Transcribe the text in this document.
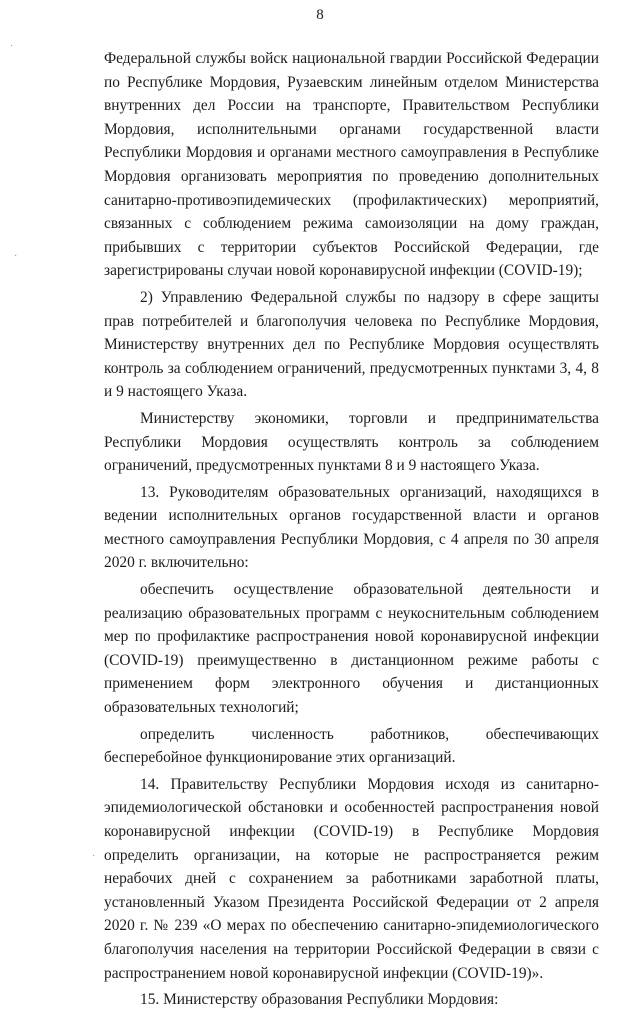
8
·
·
·

Федеральной службы войск национальной гвардии Российской Федерации по Республике Мордовия, Рузаевским линейным отделом Министерства внутренних дел России на транспорте, Правительством Республики Мордовия, исполнительными органами государственной власти Республики Мордовия и органами местного самоуправления в Республике Мордовия организовать мероприятия по проведению дополнительных санитарно-противоэпидемических (профилактических) мероприятий, связанных с соблюдением режима самоизоляции на дому граждан, прибывших с территории субъектов Российской Федерации, где зарегистрированы случаи новой коронавирусной инфекции (COVID-19);

2) Управлению Федеральной службы по надзору в сфере защиты прав потребителей и благополучия человека по Республике Мордовия, Министерству внутренних дел по Республике Мордовия осуществлять контроль за соблюдением ограничений, предусмотренных пунктами 3, 4, 8 и 9 настоящего Указа.

Министерству экономики, торговли и предпринимательства Республики Мордовия осуществлять контроль за соблюдением ограничений, предусмотренных пунктами 8 и 9 настоящего Указа.

13. Руководителям образовательных организаций, находящихся в ведении исполнительных органов государственной власти и органов местного самоуправления Республики Мордовия, с 4 апреля по 30 апреля 2020 г. включительно:

обеспечить осуществление образовательной деятельности и реализацию образовательных программ с неукоснительным соблюдением мер по профилактике распространения новой коронавирусной инфекции (COVID-19) преимущественно в дистанционном режиме работы с применением форм электронного обучения и дистанционных образовательных технологий;

определить численность работников, обеспечивающих бесперебойное функционирование этих организаций.

14. Правительству Республики Мордовия исходя из санитарно-эпидемиологической обстановки и особенностей распространения новой коронавирусной инфекции (COVID-19) в Республике Мордовия определить организации, на которые не распространяется режим нерабочих дней с сохранением за работниками заработной платы, установленный Указом Президента Российской Федерации от 2 апреля 2020 г. № 239 «О мерах по обеспечению санитарно-эпидемиологического благополучия населения на территории Российской Федерации в связи с распространением новой коронавирусной инфекции (COVID-19)».

15. Министерству образования Республики Мордовия:
